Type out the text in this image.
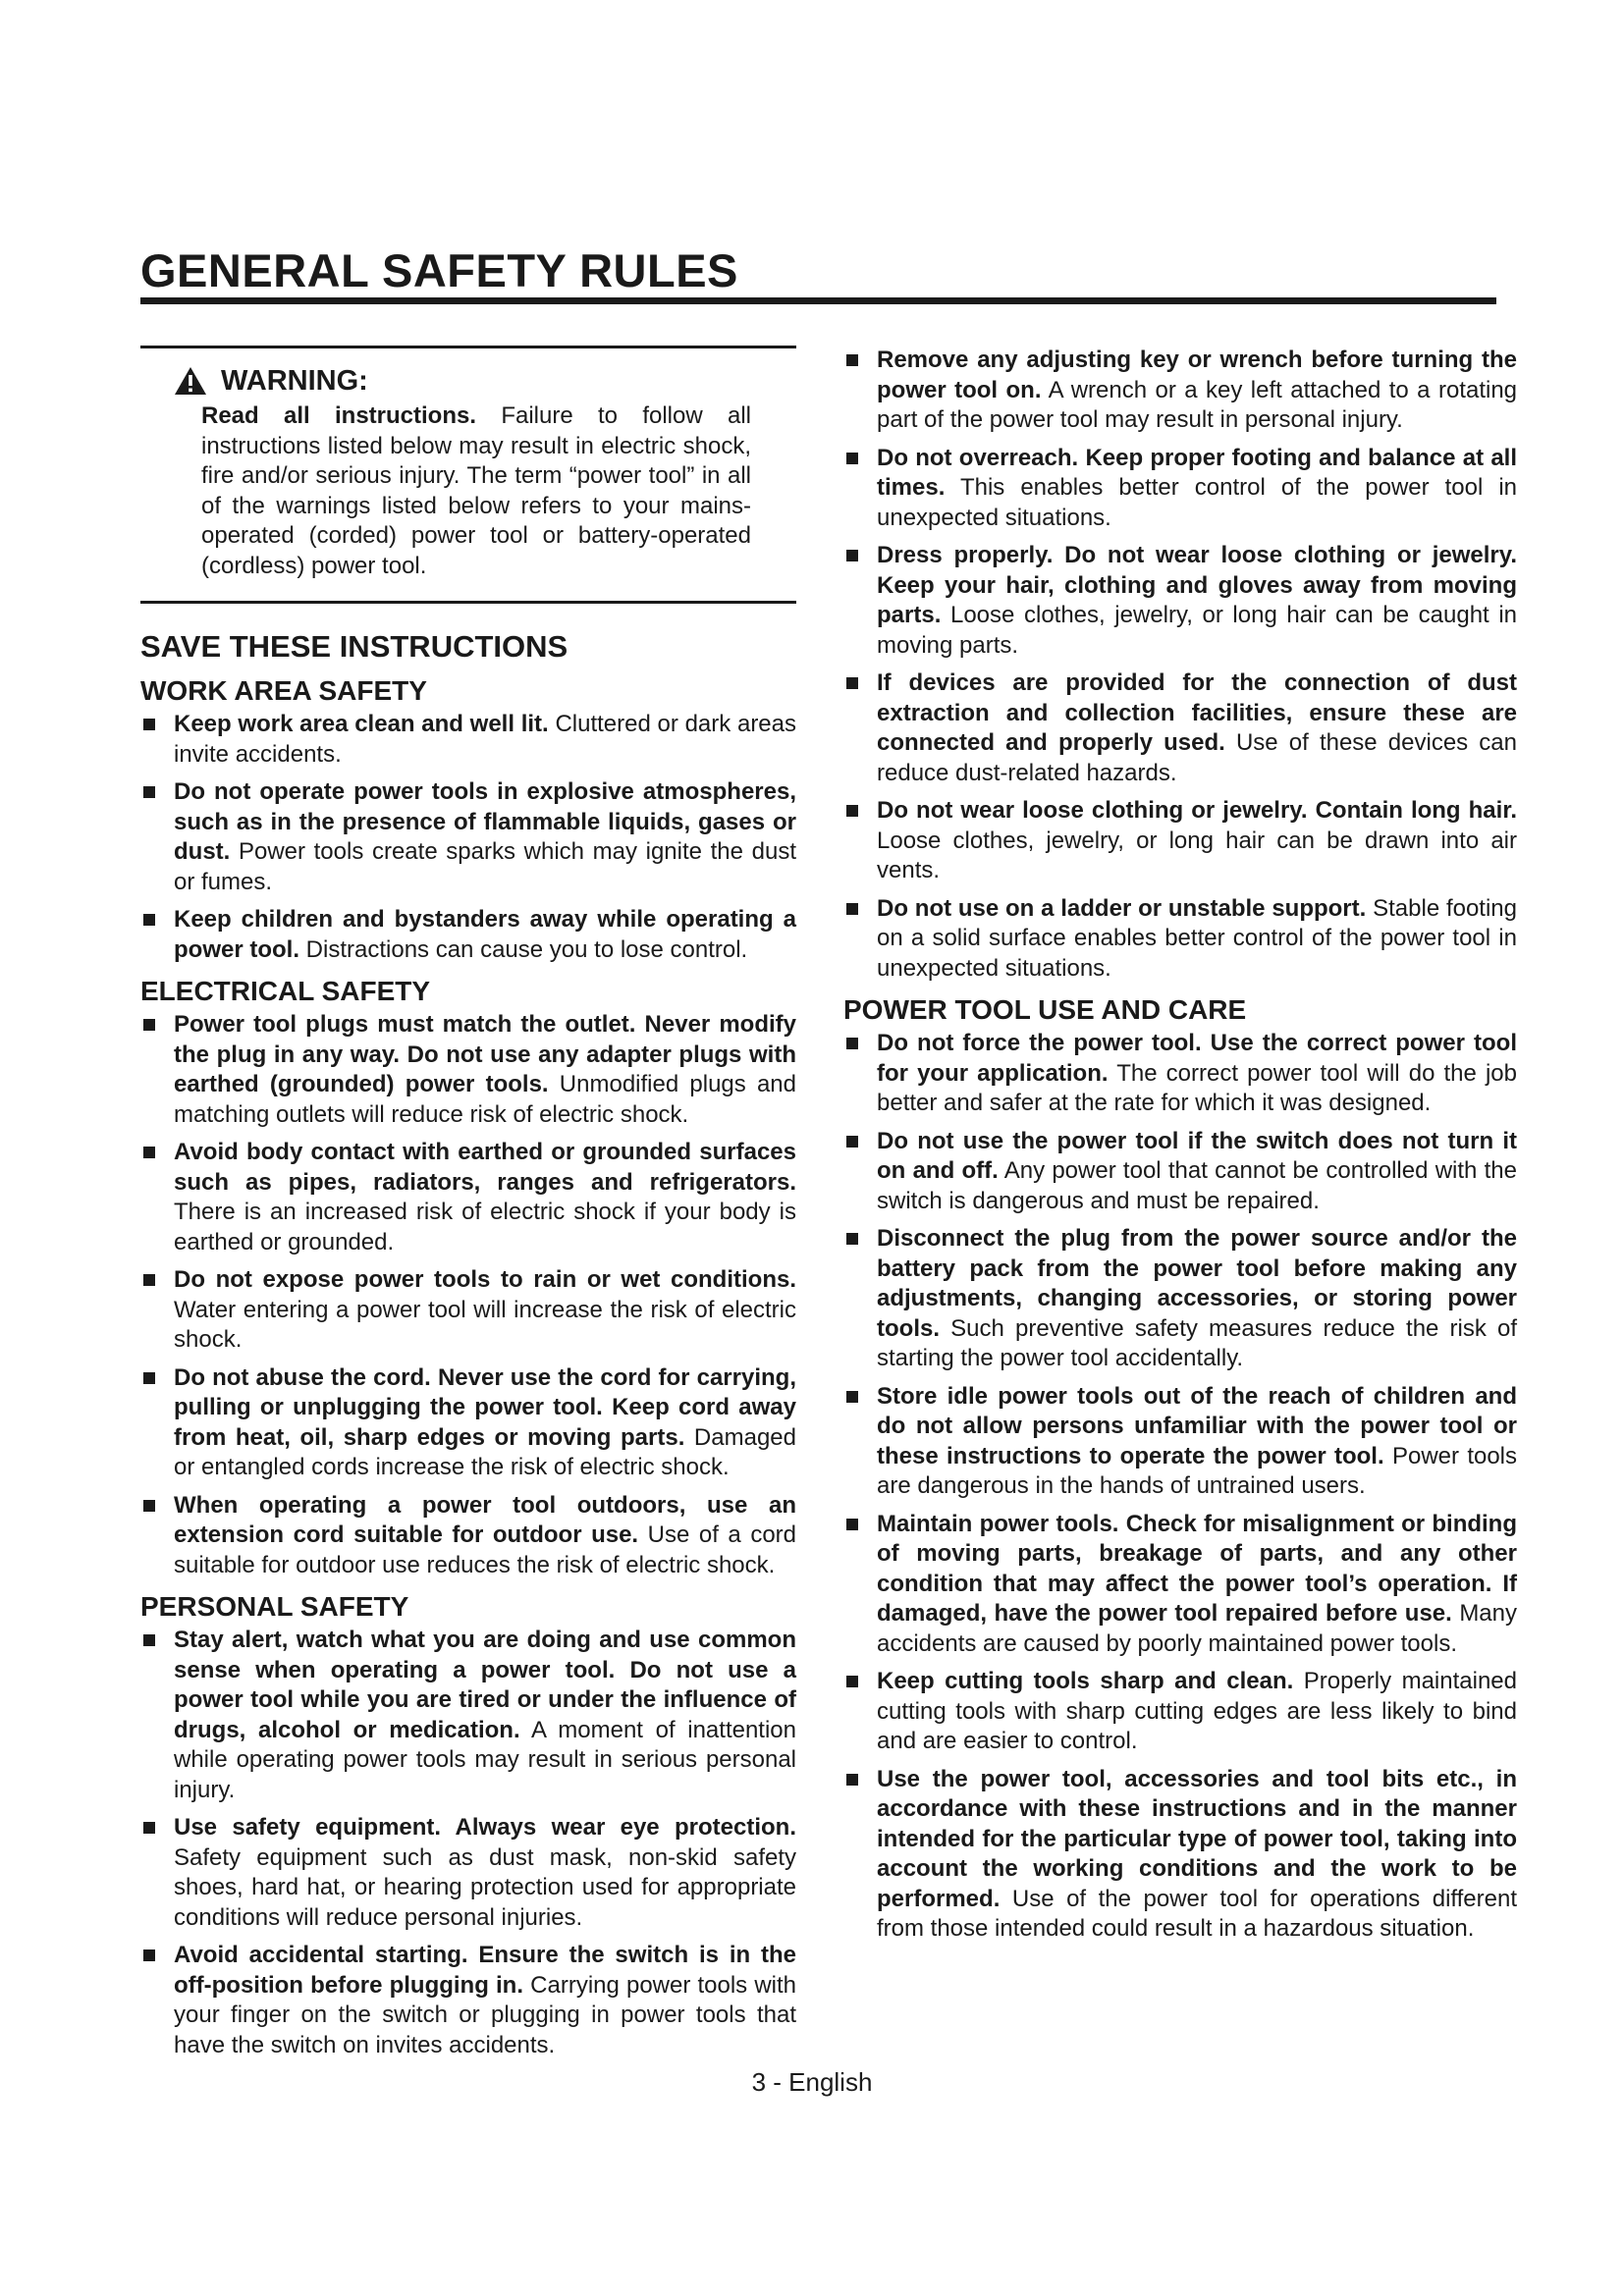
GENERAL SAFETY RULES
WARNING:

Read all instructions. Failure to follow all instructions listed below may result in electric shock, fire and/or serious injury. The term “power tool” in all of the warnings listed below refers to your mains-operated (corded) power tool or battery-operated (cordless) power tool.

SAVE THESE INSTRUCTIONS
WORK AREA SAFETY
Keep work area clean and well lit. Cluttered or dark areas invite accidents.
Do not operate power tools in explosive atmospheres, such as in the presence of flammable liquids, gases or dust. Power tools create sparks which may ignite the dust or fumes.
Keep children and bystanders away while operating a power tool. Distractions can cause you to lose control.
ELECTRICAL SAFETY
Power tool plugs must match the outlet. Never modify the plug in any way. Do not use any adapter plugs with earthed (grounded) power tools. Unmodified plugs and matching outlets will reduce risk of electric shock.
Avoid body contact with earthed or grounded surfaces such as pipes, radiators, ranges and refrigerators. There is an increased risk of electric shock if your body is earthed or grounded.
Do not expose power tools to rain or wet conditions. Water entering a power tool will increase the risk of electric shock.
Do not abuse the cord. Never use the cord for carrying, pulling or unplugging the power tool. Keep cord away from heat, oil, sharp edges or moving parts. Damaged or entangled cords increase the risk of electric shock.
When operating a power tool outdoors, use an extension cord suitable for outdoor use. Use of a cord suitable for outdoor use reduces the risk of electric shock.
PERSONAL SAFETY
Stay alert, watch what you are doing and use common sense when operating a power tool. Do not use a power tool while you are tired or under the influence of drugs, alcohol or medication. A moment of inattention while operating power tools may result in serious personal injury.
Use safety equipment. Always wear eye protection. Safety equipment such as dust mask, non-skid safety shoes, hard hat, or hearing protection used for appropriate conditions will reduce personal injuries.
Avoid accidental starting. Ensure the switch is in the off-position before plugging in. Carrying power tools with your finger on the switch or plugging in power tools that have the switch on invites accidents.
Remove any adjusting key or wrench before turning the power tool on. A wrench or a key left attached to a rotating part of the power tool may result in personal injury.
Do not overreach. Keep proper footing and balance at all times. This enables better control of the power tool in unexpected situations.
Dress properly. Do not wear loose clothing or jewelry. Keep your hair, clothing and gloves away from moving parts. Loose clothes, jewelry, or long hair can be caught in moving parts.
If devices are provided for the connection of dust extraction and collection facilities, ensure these are connected and properly used. Use of these devices can reduce dust-related hazards.
Do not wear loose clothing or jewelry. Contain long hair. Loose clothes, jewelry, or long hair can be drawn into air vents.
Do not use on a ladder or unstable support. Stable footing on a solid surface enables better control of the power tool in unexpected situations.
POWER TOOL USE AND CARE
Do not force the power tool. Use the correct power tool for your application. The correct power tool will do the job better and safer at the rate for which it was designed.
Do not use the power tool if the switch does not turn it on and off. Any power tool that cannot be controlled with the switch is dangerous and must be repaired.
Disconnect the plug from the power source and/or the battery pack from the power tool before making any adjustments, changing accessories, or storing power tools. Such preventive safety measures reduce the risk of starting the power tool accidentally.
Store idle power tools out of the reach of children and do not allow persons unfamiliar with the power tool or these instructions to operate the power tool. Power tools are dangerous in the hands of untrained users.
Maintain power tools. Check for misalignment or binding of moving parts, breakage of parts, and any other condition that may affect the power tool’s operation. If damaged, have the power tool repaired before use. Many accidents are caused by poorly maintained power tools.
Keep cutting tools sharp and clean. Properly maintained cutting tools with sharp cutting edges are less likely to bind and are easier to control.
Use the power tool, accessories and tool bits etc., in accordance with these instructions and in the manner intended for the particular type of power tool, taking into account the working conditions and the work to be performed. Use of the power tool for operations different from those intended could result in a hazardous situation.
3 - English
